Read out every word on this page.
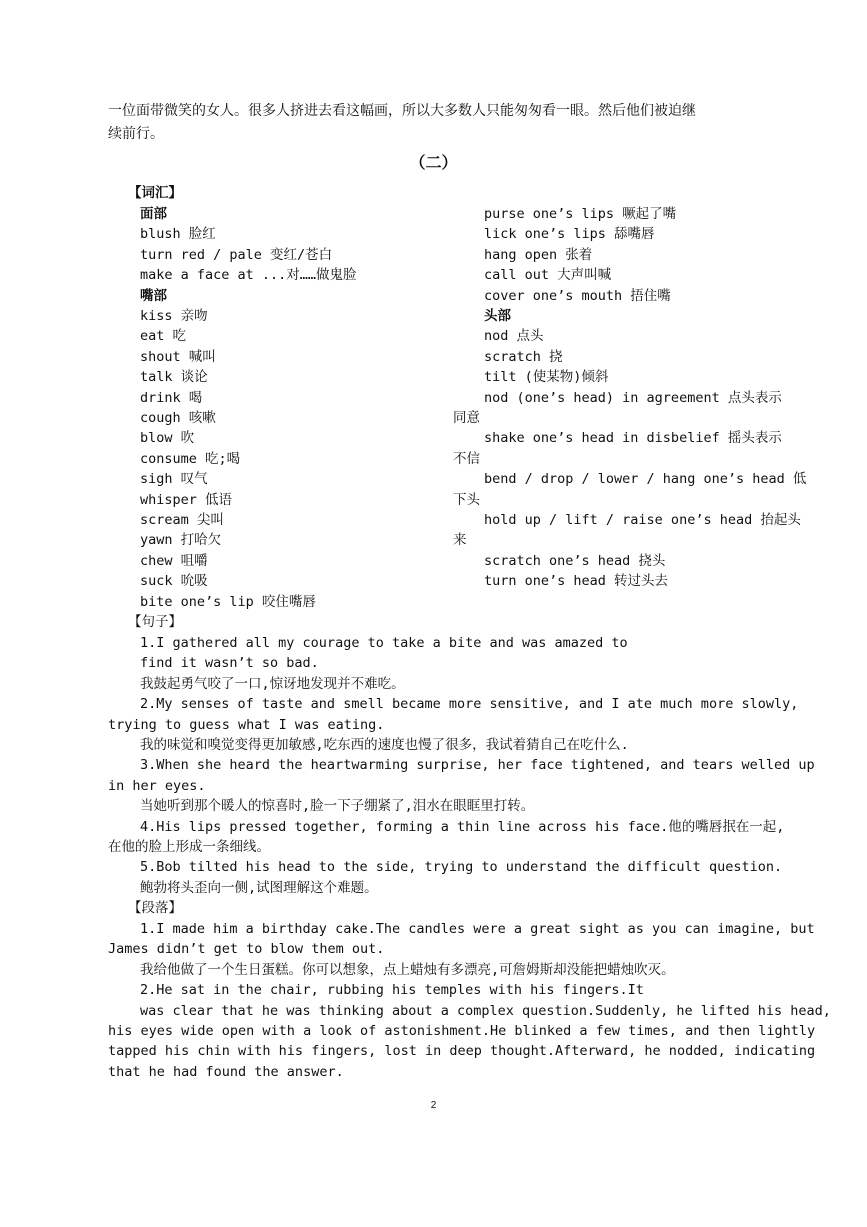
一位面带微笑的女人。很多人挤进去看这幅画，所以大多数人只能匆匆看一眼。然后他们被迫继
续前行。
（二）
【词汇】
面部
blush 脸红
turn red / pale 变红/苍白
make a face at ...对……做鬼脸
嘴部
kiss 亲吻
eat 吃
shout 喊叫
talk 谈论
drink 喝
cough 咳嗽
blow 吹
consume 吃;喝
sigh 叹气
whisper 低语
scream 尖叫
yawn 打哈欠
chew 咀嚼
suck 吮吸
bite one’s lip 咬住嘴唇
purse one’s lips 噘起了嘴
lick one’s lips 舔嘴唇
hang open 张着
call out 大声叫喊
cover one’s mouth 捂住嘴
头部
nod 点头
scratch 挠
tilt (使某物)倾斜
nod (one’s head) in agreement 点头表示
同意
shake one’s head in disbelief 摇头表示
不信
bend / drop / lower / hang one’s head 低
下头
hold up / lift / raise one’s head 抬起头
来
scratch one’s head 挠头
turn one’s head 转过头去
【句子】
1.I gathered all my courage to take a bite and was amazed to
find it wasn’t so bad.
我鼓起勇气咬了一口,惊讶地发现并不难吃。
2.My senses of taste and smell became more sensitive, and I ate much more slowly,
trying to guess what I was eating.
我的味觉和嗅觉变得更加敏感,吃东西的速度也慢了很多，我试着猜自己在吃什么.
3.When she heard the heartwarming surprise, her face tightened, and tears welled up
in her eyes.
当她听到那个暖人的惊喜时,脸一下子绷紧了,泪水在眼眶里打转。
4.His lips pressed together, forming a thin line across his face.他的嘴唇抿在一起,
在他的脸上形成一条细线。
5.Bob tilted his head to the side, trying to understand the difficult question.
鲍勃将头歪向一侧,试图理解这个难题。
【段落】
1.I made him a birthday cake.The candles were a great sight as you can imagine, but
James didn’t get to blow them out.
我给他做了一个生日蛋糕。你可以想象，点上蜡烛有多漂亮,可詹姆斯却没能把蜡烛吹灭。
2.He sat in the chair, rubbing his temples with his fingers.It
was clear that he was thinking about a complex question.Suddenly, he lifted his head,
his eyes wide open with a look of astonishment.He blinked a few times, and then lightly
tapped his chin with his fingers, lost in deep thought.Afterward, he nodded, indicating
that he had found the answer.
2
